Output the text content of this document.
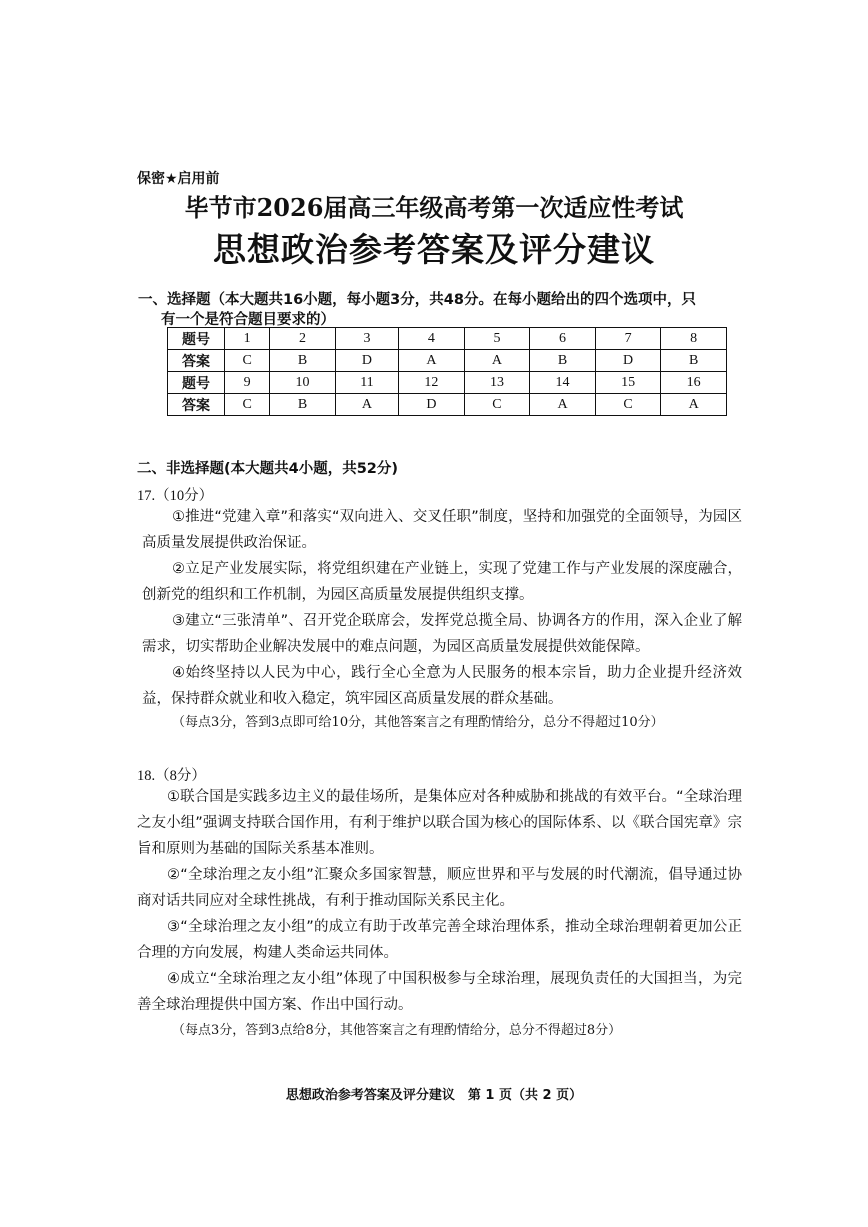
保密★启用前
毕节市2026届高三年级高考第一次适应性考试
思想政治参考答案及评分建议
一、选择题（本大题共16小题，每小题3分，共48分。在每小题给出的四个选项中，只
有一个是符合题目要求的）
题号	1	2	3	4	5	6	7	8
答案	C	B	D	A	A	B	D	B
题号	9	10	11	12	13	14	15	16
答案	C	B	A	D	C	A	C	A
二、非选择题(本大题共4小题，共52分)
17.（10分）
①推进“党建入章”和落实“双向进入、交叉任职”制度，坚持和加强党的全面领导，为园区高质量发展提供政治保证。
②立足产业发展实际，将党组织建在产业链上，实现了党建工作与产业发展的深度融合，创新党的组织和工作机制，为园区高质量发展提供组织支撑。
③建立“三张清单”、召开党企联席会，发挥党总揽全局、协调各方的作用，深入企业了解需求，切实帮助企业解决发展中的难点问题，为园区高质量发展提供效能保障。
④始终坚持以人民为中心，践行全心全意为人民服务的根本宗旨，助力企业提升经济效益，保持群众就业和收入稳定，筑牢园区高质量发展的群众基础。
（每点3分，答到3点即可给10分，其他答案言之有理酌情给分，总分不得超过10分）
18.（8分）
①联合国是实践多边主义的最佳场所，是集体应对各种威胁和挑战的有效平台。“全球治理之友小组”强调支持联合国作用，有利于维护以联合国为核心的国际体系、以《联合国宪章》宗旨和原则为基础的国际关系基本准则。
②“全球治理之友小组”汇聚众多国家智慧，顺应世界和平与发展的时代潮流，倡导通过协商对话共同应对全球性挑战，有利于推动国际关系民主化。
③“全球治理之友小组”的成立有助于改革完善全球治理体系，推动全球治理朝着更加公正合理的方向发展，构建人类命运共同体。
④成立“全球治理之友小组”体现了中国积极参与全球治理，展现负责任的大国担当，为完善全球治理提供中国方案、作出中国行动。
（每点3分，答到3点给8分，其他答案言之有理酌情给分，总分不得超过8分）
思想政治参考答案及评分建议　第 1 页（共 2 页）
